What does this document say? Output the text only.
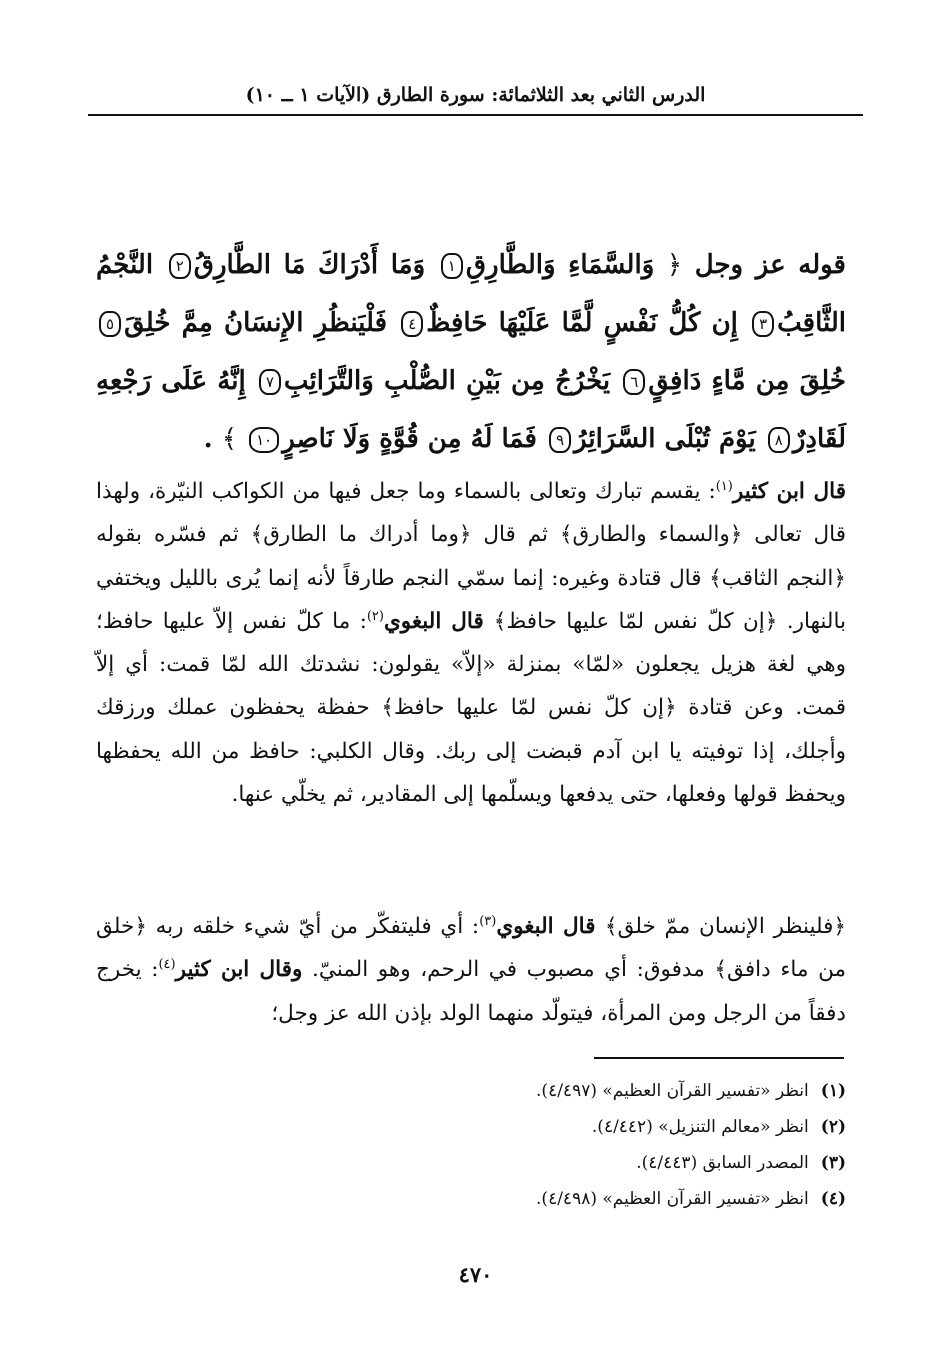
الدرس الثاني بعد الثلاثمائة: سورة الطارق (الآيات ١ ــ ١٠)

قوله عز وجل ﴿ وَالسَّمَاءِ وَالطَّارِقِ١ وَمَا أَدْرَاكَ مَا الطَّارِقُ٢ النَّجْمُ الثَّاقِبُ٣ إِن كُلُّ نَفْسٍ لَّمَّا عَلَيْهَا حَافِظٌ٤ فَلْيَنظُرِ الإِنسَانُ مِمَّ خُلِقَ٥ خُلِقَ مِن مَّاءٍ دَافِقٍ٦ يَخْرُجُ مِن بَيْنِ الصُّلْبِ وَالتَّرَائِبِ٧ إِنَّهُ عَلَى رَجْعِهِ لَقَادِرٌ٨ يَوْمَ تُبْلَى السَّرَائِرُ٩ فَمَا لَهُ مِن قُوَّةٍ وَلَا نَاصِرٍ١٠ ﴾ .

قال ابن كثير$^{(١)}$: يقسم تبارك وتعالى بالسماء وما جعل فيها من الكواكب النيّرة، ولهذا قال تعالى ﴿والسماء والطارق﴾ ثم قال ﴿وما أدراك ما الطارق﴾ ثم فسّره بقوله ﴿النجم الثاقب﴾ قال قتادة وغيره: إنما سمّي النجم طارقاً لأنه إنما يُرى بالليل ويختفي بالنهار. ﴿إن كلّ نفس لمّا عليها حافظ﴾ قال البغوي$^{(٢)}$: ما كلّ نفس إلاّ عليها حافظ؛ وهي لغة هزيل يجعلون «لمّا» بمنزلة «إلاّ» يقولون: نشدتك الله لمّا قمت: أي إلاّ قمت. وعن قتادة ﴿إن كلّ نفس لمّا عليها حافظ﴾ حفظة يحفظون عملك ورزقك وأجلك، إذا توفيته يا ابن آدم قبضت إلى ربك. وقال الكلبي: حافظ من الله يحفظها ويحفظ قولها وفعلها، حتى يدفعها ويسلّمها إلى المقادير، ثم يخلّي عنها.

﴿فلينظر الإنسان ممّ خلق﴾ قال البغوي$^{(٣)}$: أي فليتفكّر من أيّ شيء خلقه ربه ﴿خلق من ماء دافق﴾ مدفوق: أي مصبوب في الرحم، وهو المنيّ. وقال ابن كثير$^{(٤)}$: يخرج دفقاً من الرجل ومن المرأة، فيتولّد منهما الولد بإذن الله عز وجل؛

(١)انظر «تفسير القرآن العظيم» (٤/٤٩٧).
(٢)انظر «معالم التنزيل» (٤/٤٤٢).
(٣)المصدر السابق (٤/٤٤٣).
(٤)انظر «تفسير القرآن العظيم» (٤/٤٩٨).
٤٧٠
